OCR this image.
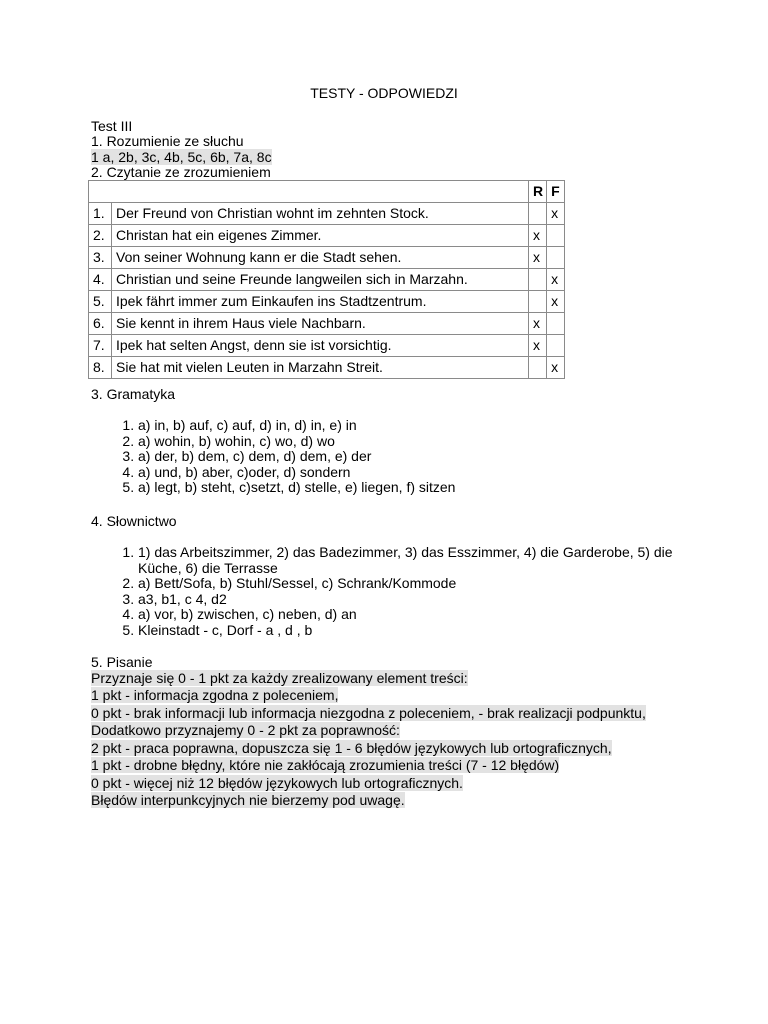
TESTY - ODPOWIEDZI
Test III
1. Rozumienie ze słuchu
1 a, 2b, 3c, 4b, 5c, 6b, 7a, 8c
2. Czytanie ze zrozumieniem
		R	F
1.	Der Freund von Christian wohnt im zehnten Stock.		x
2.	Christan hat ein eigenes Zimmer.	x	
3.	Von seiner Wohnung kann er die Stadt sehen.	x	
4.	Christian und seine Freunde langweilen sich in Marzahn.		x
5.	Ipek fährt immer zum Einkaufen ins Stadtzentrum.		x
6.	Sie kennt in ihrem Haus viele Nachbarn.	x	
7.	Ipek hat selten Angst, denn sie ist vorsichtig.	x	
8.	Sie hat mit vielen Leuten in Marzahn Streit.		x
3. Gramatyka
1. a) in, b) auf, c) auf, d) in, d) in, e) in
2. a) wohin, b) wohin, c) wo, d) wo
3. a) der, b) dem, c) dem, d) dem, e) der
4. a) und, b) aber, c)oder, d) sondern
5. a) legt, b) steht, c)setzt, d) stelle, e) liegen, f) sitzen
4. Słownictwo
1. 1) das Arbeitszimmer, 2) das Badezimmer, 3) das Esszimmer, 4) die Garderobe, 5) die Küche, 6) die Terrasse
2. a) Bett/Sofa, b) Stuhl/Sessel, c) Schrank/Kommode
3. a3, b1, c 4, d2
4. a) vor, b) zwischen, c) neben, d) an
5. Kleinstadt - c, Dorf - a , d , b
5. Pisanie
Przyznaje się 0 - 1 pkt za każdy zrealizowany element treści:
1 pkt - informacja zgodna z poleceniem,
0 pkt - brak informacji lub informacja niezgodna z poleceniem, - brak realizacji podpunktu,
Dodatkowo przyznajemy 0 - 2 pkt za poprawność:
2 pkt - praca poprawna, dopuszcza się 1 - 6 błędów językowych lub ortograficznych,
1 pkt - drobne błędny, które nie zakłócają zrozumienia treści (7 - 12 błędów)
0 pkt - więcej niż 12 błędów językowych lub ortograficznych.
Błędów interpunkcyjnych nie bierzemy pod uwagę.
